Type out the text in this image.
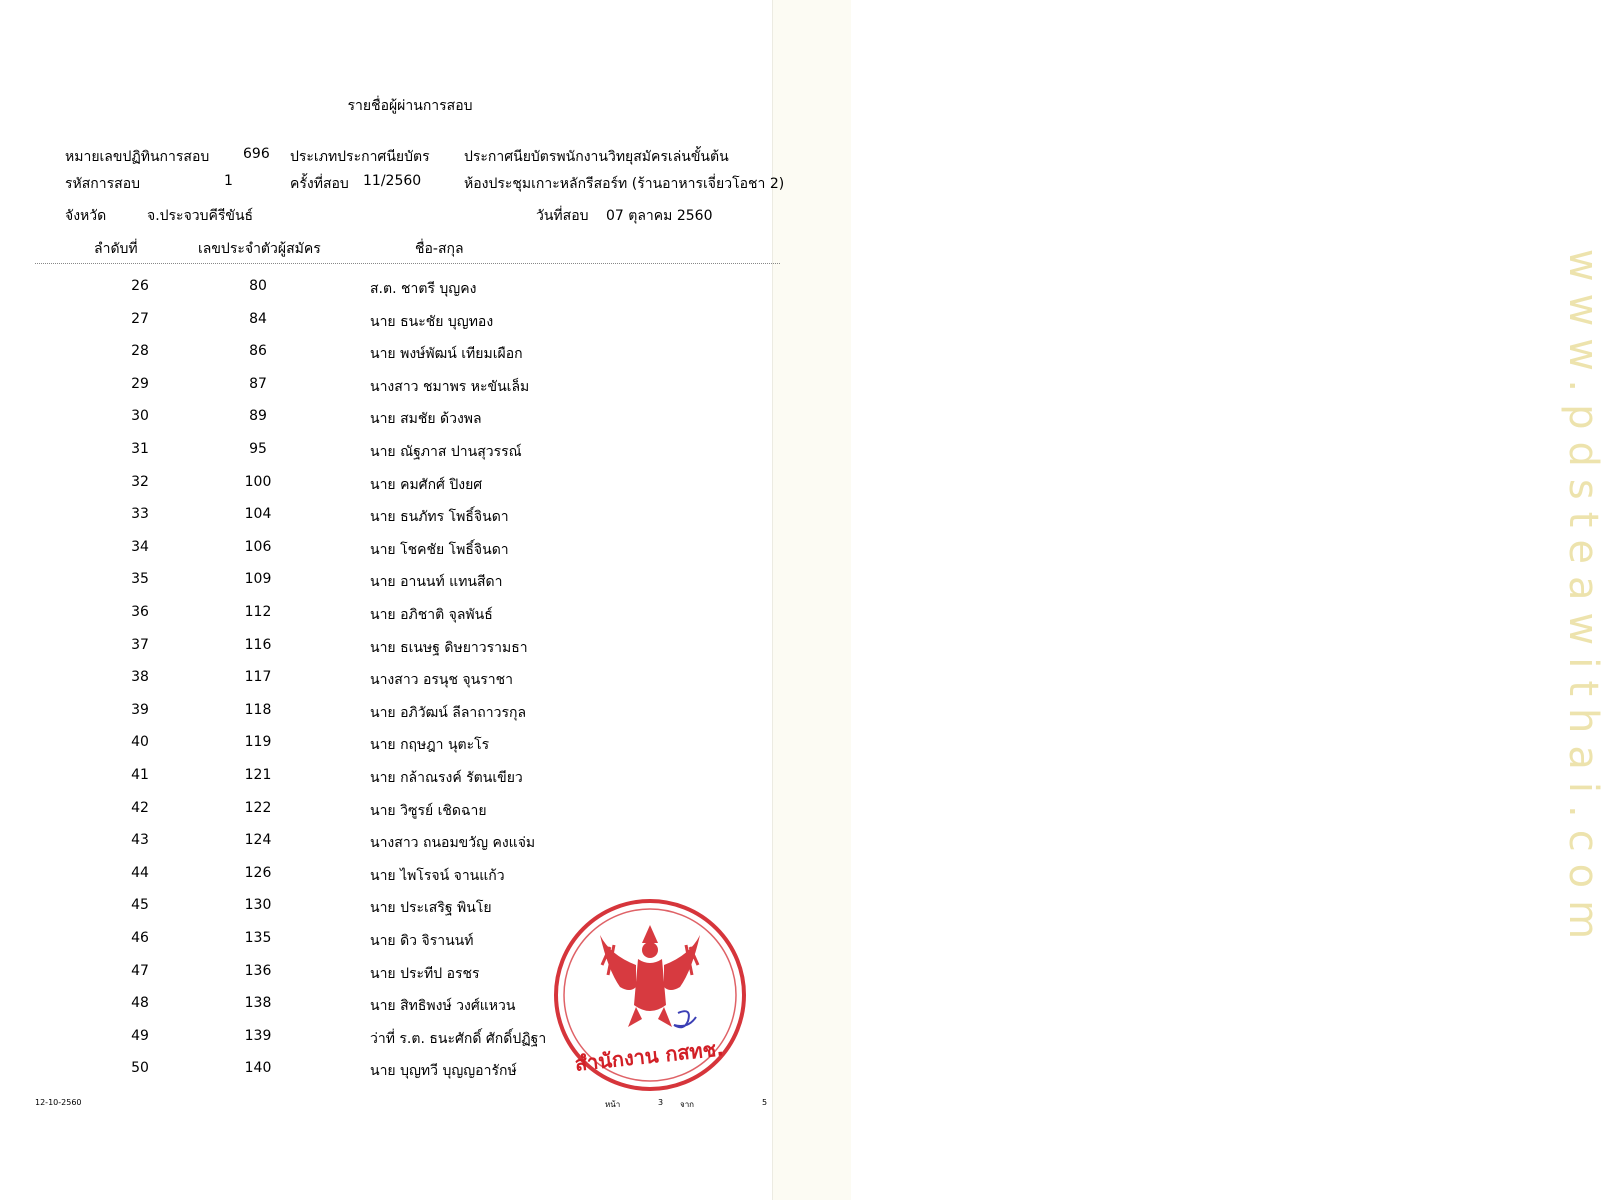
www.pdsteawithai.com
รายชื่อผู้ผ่านการสอบ
หมายเลขปฏิทินการสอบ 696 ประเภทประกาศนียบัตร ประกาศนียบัตรพนักงานวิทยุสมัครเล่นขั้นต้น
รหัสการสอบ	1	ครั้งที่สอบ 11/2560	ห้องประชุมเกาะหลักรีสอร์ท (ร้านอาหารเจี่ยวโอชา 2)
จังหวัด	จ.ประจวบคีรีขันธ์	วันที่สอบ 07 ตุลาคม 2560
ลำดับที่	เลขประจำตัวผู้สมัคร	ชื่อ-สกุล
26	80	ส.ต. ชาตรี บุญคง
27	84	นาย ธนะชัย บุญทอง
28	86	นาย พงษ์พัฒน์ เทียมเผือก
29	87	นางสาว ชมาพร หะขันเล็ม
30	89	นาย สมชัย ด้วงพล
31	95	นาย ณัฐภาส ปานสุวรรณ์
32	100	นาย คมศักศ์ ปิงยศ
33	104	นาย ธนภัทร โพธิ์จินดา
34	106	นาย โชคชัย โพธิ์จินดา
35	109	นาย อานนท์ แทนสีดา
36	112	นาย อภิชาติ จุลพันธ์
37	116	นาย ธเนษฐ ดิษยาวรามธา
38	117	นางสาว อรนุช จุนราชา
39	118	นาย อภิวัฒน์ ลีลาถาวรกุล
40	119	นาย กฤษฎา นุตะโร
41	121	นาย กล้าณรงค์ รัตนเขียว
42	122	นาย วิซูรย์ เชิดฉาย
43	124	นางสาว ถนอมขวัญ คงแจ่ม
44	126	นาย ไพโรจน์ จานแก้ว
45	130	นาย ประเสริฐ พินโย
46	135	นาย ดิว จิรานนท์
47	136	นาย ประทีป อรชร
48	138	นาย สิทธิพงษ์ วงศ์แหวน
49	139	ว่าที่ ร.ต. ธนะศักดิ์ ศักดิ์ปฏิฐา
50	140	นาย บุญทวี บุญญอารักษ์
12-10-2560	หน้า	3 จาก	5
สำนักงาน กสทช.
